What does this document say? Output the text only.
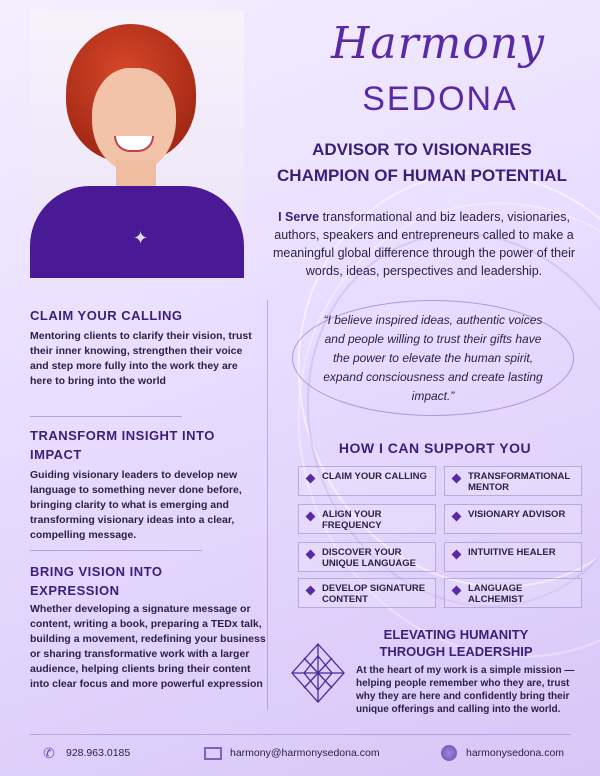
✦
Harmony
SEDONA
ADVISOR TO VISIONARIES
CHAMPION OF HUMAN POTENTIAL
I Serve transformational and biz leaders, visionaries, authors, speakers and entrepreneurs called to make a meaningful global difference through the power of their words, ideas, perspectives and leadership.
CLAIM YOUR CALLING
Mentoring clients to clarify their vision, trust their inner knowing, strengthen their voice and step more fully into the work they are here to bring into the world
TRANSFORM INSIGHT INTO IMPACT
Guiding visionary leaders to develop new language to something never done before, bringing clarity to what is emerging and transforming visionary ideas into a clear, compelling message.
BRING VISION INTO EXPRESSION
Whether developing a signature message or content, writing a book, preparing a TEDx talk, building a movement, redefining your business or sharing transformative work with a larger audience, helping clients bring their content into clear focus and more powerful expression
“I believe inspired ideas, authentic voices and people willing to trust their gifts have the power to elevate the human spirit, expand consciousness and create lasting impact.”
HOW I CAN SUPPORT YOU
CLAIM YOUR CALLING
ALIGN YOUR FREQUENCY
DISCOVER YOUR UNIQUE LANGUAGE
DEVELOP SIGNATURE CONTENT
TRANSFORMATIONAL MENTOR
VISIONARY ADVISOR
INTUITIVE HEALER
LANGUAGE ALCHEMIST
ELEVATING HUMANITY THROUGH LEADERSHIP
At the heart of my work is a simple mission — helping people remember who they are, trust why they are here and confidently bring their unique offerings and calling into the world.
✆ 928.963.0185	harmony@harmonysedona.com	harmonysedona.com
